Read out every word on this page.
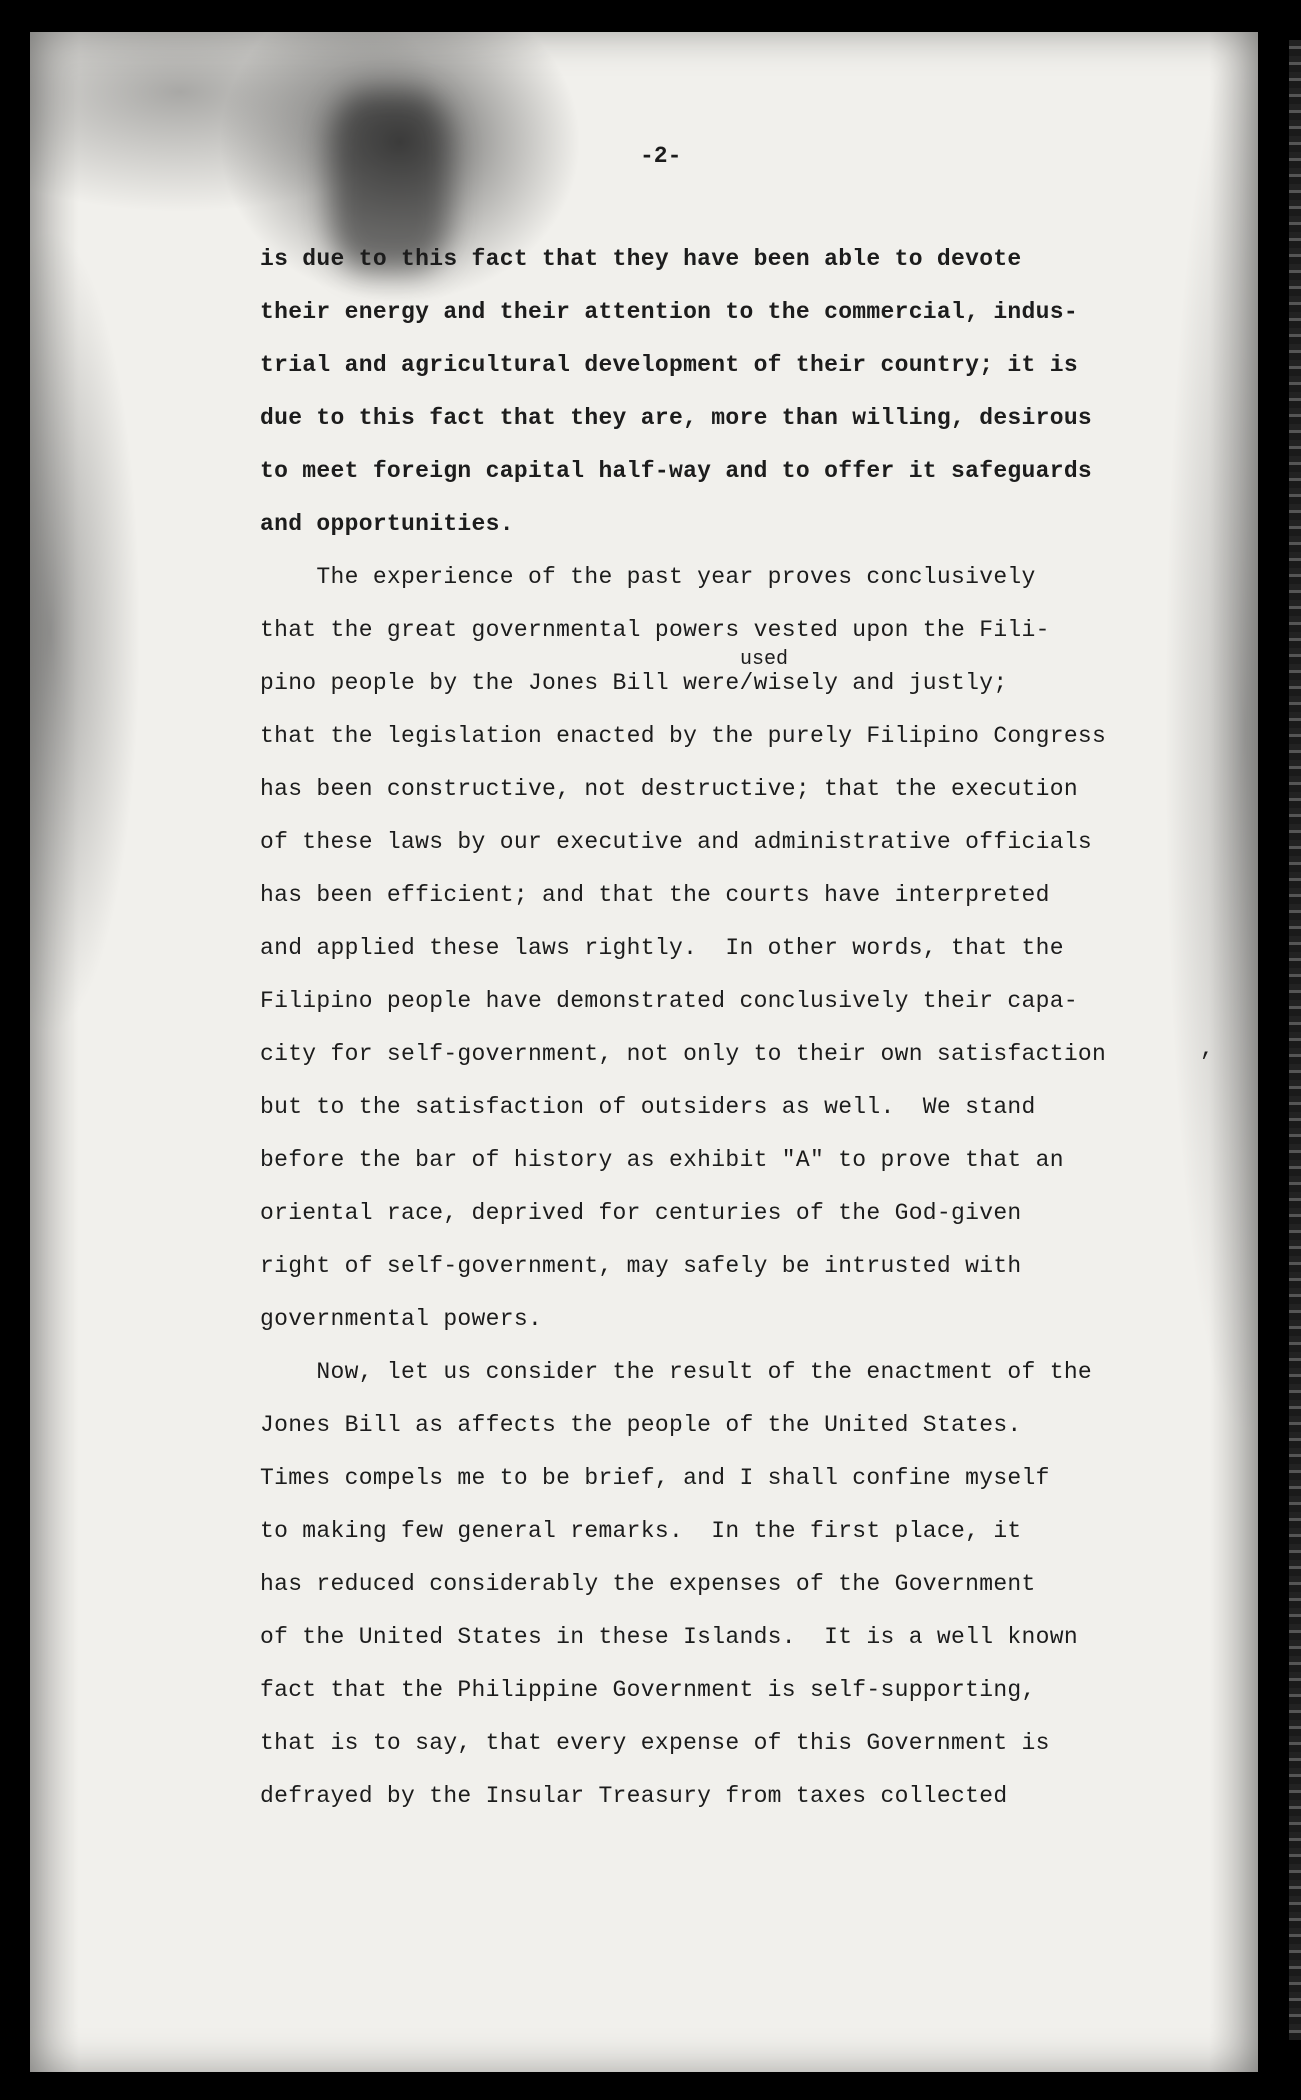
-2-
used
,
is due to this fact that they have been able to devote
their energy and their attention to the commercial, indus-
trial and agricultural development of their country; it is
due to this fact that they are, more than willing, desirous
to meet foreign capital half-way and to offer it safeguards
and opportunities.
The experience of the past year proves conclusively
that the great governmental powers vested upon the Fili-
pino people by the Jones Bill were/wisely and justly;
that the legislation enacted by the purely Filipino Congress
has been constructive, not destructive; that the execution
of these laws by our executive and administrative officials
has been efficient; and that the courts have interpreted
and applied these laws rightly.  In other words, that the
Filipino people have demonstrated conclusively their capa-
city for self-government, not only to their own satisfaction
but to the satisfaction of outsiders as well.  We stand
before the bar of history as exhibit "A" to prove that an
oriental race, deprived for centuries of the God-given
right of self-government, may safely be intrusted with
governmental powers.
Now, let us consider the result of the enactment of the
Jones Bill as affects the people of the United States.
Times compels me to be brief, and I shall confine myself
to making few general remarks.  In the first place, it
has reduced considerably the expenses of the Government
of the United States in these Islands.  It is a well known
fact that the Philippine Government is self-supporting,
that is to say, that every expense of this Government is
defrayed by the Insular Treasury from taxes collected
